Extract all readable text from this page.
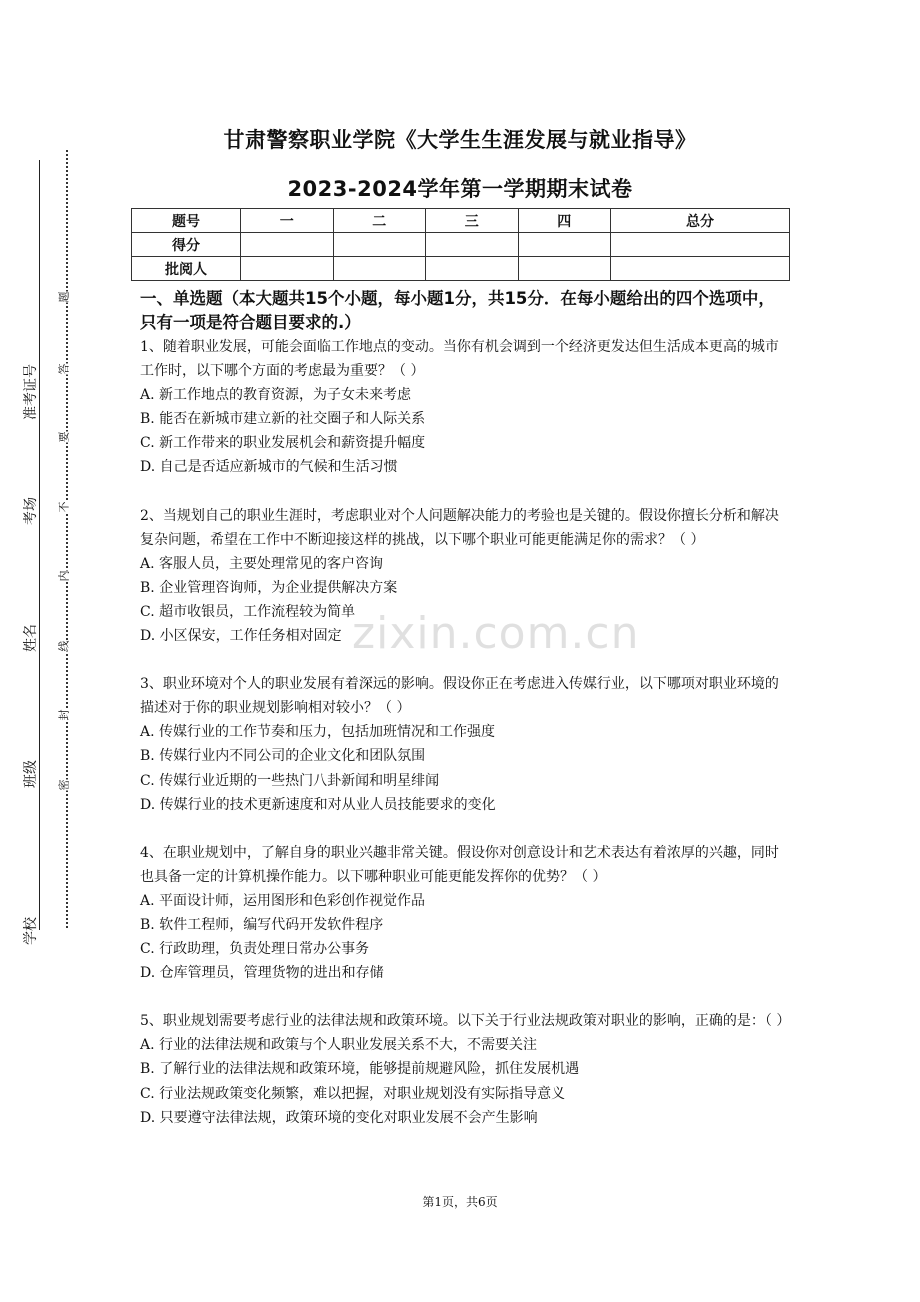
准考证号
考场
姓名
班级
学校
题
答
要
不
内
线
封
密
甘肃警察职业学院《大学生生涯发展与就业指导》
2023-2024学年第一学期期末试卷
题号	一	二	三	四	总分
得分					
批阅人					
一、单选题（本大题共15个小题，每小题1分，共15分．在每小题给出的四个选项中，只有一项是符合题目要求的.）

1、随着职业发展，可能会面临工作地点的变动。当你有机会调到一个经济更发达但生活成本更高的城市工作时，以下哪个方面的考虑最为重要？（ ）

A. 新工作地点的教育资源，为子女未来考虑

B. 能否在新城市建立新的社交圈子和人际关系

C. 新工作带来的职业发展机会和薪资提升幅度

D. 自己是否适应新城市的气候和生活习惯

2、当规划自己的职业生涯时，考虑职业对个人问题解决能力的考验也是关键的。假设你擅长分析和解决复杂问题，希望在工作中不断迎接这样的挑战，以下哪个职业可能更能满足你的需求？（ ）

A. 客服人员，主要处理常见的客户咨询

B. 企业管理咨询师，为企业提供解决方案

C. 超市收银员，工作流程较为简单

D. 小区保安，工作任务相对固定

3、职业环境对个人的职业发展有着深远的影响。假设你正在考虑进入传媒行业，以下哪项对职业环境的描述对于你的职业规划影响相对较小？（ ）

A. 传媒行业的工作节奏和压力，包括加班情况和工作强度

B. 传媒行业内不同公司的企业文化和团队氛围

C. 传媒行业近期的一些热门八卦新闻和明星绯闻

D. 传媒行业的技术更新速度和对从业人员技能要求的变化

4、在职业规划中，了解自身的职业兴趣非常关键。假设你对创意设计和艺术表达有着浓厚的兴趣，同时也具备一定的计算机操作能力。以下哪种职业可能更能发挥你的优势？（ ）

A. 平面设计师，运用图形和色彩创作视觉作品

B. 软件工程师，编写代码开发软件程序

C. 行政助理，负责处理日常办公事务

D. 仓库管理员，管理货物的进出和存储

5、职业规划需要考虑行业的法律法规和政策环境。以下关于行业法规政策对职业的影响，正确的是：（ ）

A. 行业的法律法规和政策与个人职业发展关系不大，不需要关注

B. 了解行业的法律法规和政策环境，能够提前规避风险，抓住发展机遇

C. 行业法规政策变化频繁，难以把握，对职业规划没有实际指导意义

D. 只要遵守法律法规，政策环境的变化对职业发展不会产生影响

zixin.com.cn
第1页，共6页
